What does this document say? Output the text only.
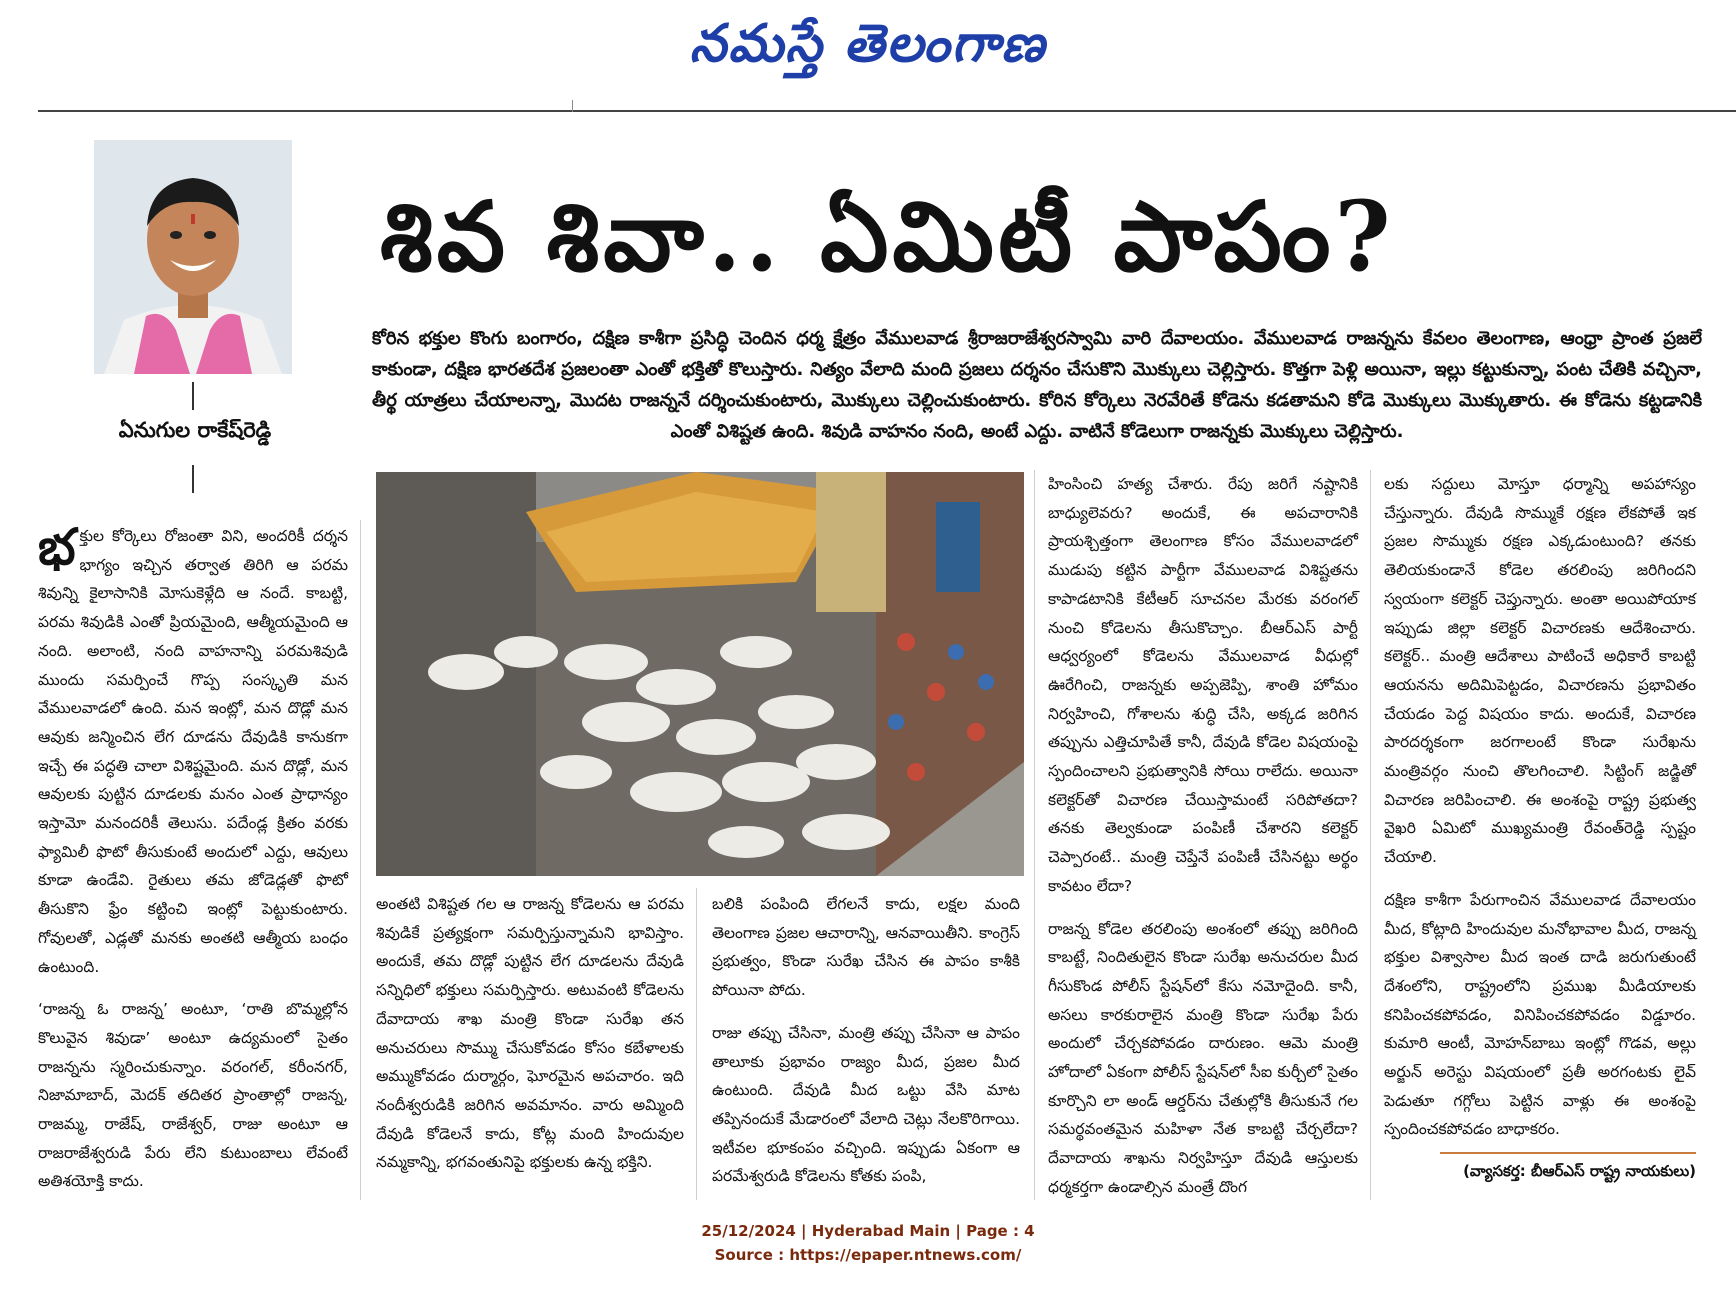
నమస్తే తెలంగాణ
ఏనుగుల రాకేష్‌రెడ్డి
శివ శివా.. ఏమిటీ పాపం?
కోరిన భక్తుల కొంగు బంగారం, దక్షిణ కాశీగా ప్రసిద్ధి చెందిన ధర్మ క్షేత్రం వేములవాడ శ్రీరాజరాజేశ్వరస్వామి వారి దేవాలయం. వేములవాడ రాజన్నను కేవలం తెలంగాణ, ఆంధ్రా ప్రాంత ప్రజలే కాకుండా, దక్షిణ భారతదేశ ప్రజలంతా ఎంతో భక్తితో కొలుస్తారు. నిత్యం వేలాది మంది ప్రజలు దర్శనం చేసుకొని మొక్కులు చెల్లిస్తారు. కొత్తగా పెళ్లి అయినా, ఇల్లు కట్టుకున్నా, పంట చేతికి వచ్చినా, తీర్థ యాత్రలు చేయాలన్నా, మొదట రాజన్ననే దర్శించుకుంటారు, మొక్కులు చెల్లించుకుంటారు. కోరిన కోర్కెలు నెరవేరితే కోడెను కడతామని కోడె మొక్కులు మొక్కుతారు. ఈ కోడెను కట్టడానికి ఎంతో విశిష్టత ఉంది. శివుడి వాహనం నంది, అంటే ఎద్దు. వాటినే కోడెలుగా రాజన్నకు మొక్కులు చెల్లిస్తారు.

భక్తుల కోర్కెలు రోజంతా విని, అందరికీ దర్శన భాగ్యం ఇచ్చిన తర్వాత తిరిగి ఆ పరమ శివున్ని కైలాసానికి మోసుకెళ్లేది ఆ నందే. కాబట్టి, పరమ శివుడికి ఎంతో ప్రియమైంది, ఆత్మీయమైంది ఆ నంది. అలాంటి, నంది వాహనాన్ని పరమశివుడి ముందు సమర్పించే గొప్ప సంస్కృతి మన వేములవాడలో ఉంది. మన ఇంట్లో, మన దొడ్లో మన ఆవుకు జన్మించిన లేగ దూడను దేవుడికి కానుకగా ఇచ్చే ఈ పద్ధతి చాలా విశిష్టమైంది. మన దొడ్లో, మన ఆవులకు పుట్టిన దూడలకు మనం ఎంత ప్రాధాన్యం ఇస్తామో మనందరికీ తెలుసు. పదేండ్ల క్రితం వరకు ఫ్యామిలీ ఫొటో తీసుకుంటే అందులో ఎద్దు, ఆవులు కూడా ఉండేవి. రైతులు తమ జోడెడ్లతో ఫొటో తీసుకొని ఫ్రేం కట్టించి ఇంట్లో పెట్టుకుంటారు. గోవులతో, ఎడ్లతో మనకు అంతటి ఆత్మీయ బంధం ఉంటుంది.

‘రాజన్న ఓ రాజన్న’ అంటూ, ‘రాతి బొమ్మల్లోన కొలువైన శివుడా’ అంటూ ఉద్యమంలో సైతం రాజన్నను స్మరించుకున్నాం. వరంగల్, కరీంనగర్, నిజామాబాద్, మెదక్ తదితర ప్రాంతాల్లో రాజన్న, రాజమ్మ, రాజేష్, రాజేశ్వర్, రాజు అంటూ ఆ రాజరాజేశ్వరుడి పేరు లేని కుటుంబాలు లేవంటే అతిశయోక్తి కాదు.

అంతటి విశిష్టత గల ఆ రాజన్న కోడెలను ఆ పరమ శివుడికే ప్రత్యక్షంగా సమర్పిస్తున్నామని భావిస్తాం. అందుకే, తమ దొడ్లో పుట్టిన లేగ దూడలను దేవుడి సన్నిధిలో భక్తులు సమర్పిస్తారు. అటువంటి కోడెలను దేవాదాయ శాఖ మంత్రి కొండా సురేఖ తన అనుచరులు సొమ్ము చేసుకోవడం కోసం కబేళాలకు అమ్ముకోవడం దుర్మార్గం, ఘోరమైన అపచారం. ఇది నందీశ్వరుడికి జరిగిన అవమానం. వారు అమ్మింది దేవుడి కోడెలనే కాదు, కోట్ల మంది హిందువుల నమ్మకాన్ని, భగవంతునిపై భక్తులకు ఉన్న భక్తిని.

బలికి పంపింది లేగలనే కాదు, లక్షల మంది తెలంగాణ ప్రజల ఆచారాన్ని, ఆనవాయితీని. కాంగ్రెస్ ప్రభుత్వం, కొండా సురేఖ చేసిన ఈ పాపం కాశీకి పోయినా పోదు.

రాజు తప్పు చేసినా, మంత్రి తప్పు చేసినా ఆ పాపం తాలూకు ప్రభావం రాజ్యం మీద, ప్రజల మీద ఉంటుంది. దేవుడి మీద ఒట్టు వేసి మాట తప్పినందుకే మేడారంలో వేలాది చెట్లు నేలకొరిగాయి. ఇటీవల భూకంపం వచ్చింది. ఇప్పుడు ఏకంగా ఆ పరమేశ్వరుడి కోడెలను కోతకు పంపి,

హింసించి హత్య చేశారు. రేపు జరిగే నష్టానికి బాధ్యులెవరు? అందుకే, ఈ అపచారానికి ప్రాయశ్చిత్తంగా తెలంగాణ కోసం వేములవాడలో ముడుపు కట్టిన పార్టీగా వేములవాడ విశిష్టతను కాపాడటానికి కేటీఆర్ సూచనల మేరకు వరంగల్ నుంచి కోడెలను తీసుకొచ్చాం. బీఆర్ఎస్ పార్టీ ఆధ్వర్యంలో కోడెలను వేములవాడ వీధుల్లో ఊరేగించి, రాజన్నకు అప్పజెప్పి, శాంతి హోమం నిర్వహించి, గోశాలను శుద్ధి చేసి, అక్కడ జరిగిన తప్పును ఎత్తిచూపితే కానీ, దేవుడి కోడెల విషయంపై స్పందించాలని ప్రభుత్వానికి సోయి రాలేదు. అయినా కలెక్టర్‌తో విచారణ చేయిస్తామంటే సరిపోతదా? తనకు తెల్వకుండా పంపిణీ చేశారని కలెక్టర్ చెప్పారంటే.. మంత్రి చెప్తేనే పంపిణీ చేసినట్టు అర్థం కావటం లేదా?

రాజన్న కోడెల తరలింపు అంశంలో తప్పు జరిగింది కాబట్టే, నిందితులైన కొండా సురేఖ అనుచరుల మీద గీసుకొండ పోలీస్ స్టేషన్‌లో కేసు నమోదైంది. కానీ, అసలు కారకురాలైన మంత్రి కొండా సురేఖ పేరు అందులో చేర్చకపోవడం దారుణం. ఆమె మంత్రి హోదాలో ఏకంగా పోలీస్ స్టేషన్‌లో సీఐ కుర్చీలో సైతం కూర్చొని లా అండ్ ఆర్డర్‌ను చేతుల్లోకి తీసుకునే గల సమర్థవంతమైన మహిళా నేత కాబట్టి చేర్చలేదా? దేవాదాయ శాఖను నిర్వహిస్తూ దేవుడి ఆస్తులకు ధర్మకర్తగా ఉండాల్సిన మంత్రే దొంగ

లకు సద్దులు మోస్తూ ధర్మాన్ని అపహాస్యం చేస్తున్నారు. దేవుడి సొమ్ముకే రక్షణ లేకపోతే ఇక ప్రజల సొమ్ముకు రక్షణ ఎక్కడుంటుంది? తనకు తెలియకుండానే కోడెల తరలింపు జరిగిందని స్వయంగా కలెక్టర్ చెప్తున్నారు. అంతా అయిపోయాక ఇప్పుడు జిల్లా కలెక్టర్ విచారణకు ఆదేశించారు. కలెక్టర్.. మంత్రి ఆదేశాలు పాటించే అధికారే కాబట్టి ఆయనను అదిమిపెట్టడం, విచారణను ప్రభావితం చేయడం పెద్ద విషయం కాదు. అందుకే, విచారణ పారదర్శకంగా జరగాలంటే కొండా సురేఖను మంత్రివర్గం నుంచి తొలగించాలి. సిట్టింగ్ జడ్జితో విచారణ జరిపించాలి. ఈ అంశంపై రాష్ట్ర ప్రభుత్వ వైఖరి ఏమిటో ముఖ్యమంత్రి రేవంత్‌రెడ్డి స్పష్టం చేయాలి.

దక్షిణ కాశీగా పేరుగాంచిన వేములవాడ దేవాలయం మీద, కోట్లాది హిందువుల మనోభావాల మీద, రాజన్న భక్తుల విశ్వాసాల మీద ఇంత దాడి జరుగుతుంటే దేశంలోని, రాష్ట్రంలోని ప్రముఖ మీడియాలకు కనిపించకపోవడం, వినిపించకపోవడం విడ్డూరం. కుమారి ఆంటీ, మోహన్‌బాబు ఇంట్లో గొడవ, అల్లు అర్జున్ అరెస్టు విషయంలో ప్రతీ అరగంటకు లైవ్ పెడుతూ గగ్గోలు పెట్టిన వాళ్లు ఈ అంశంపై స్పందించకపోవడం బాధాకరం.

(వ్యాసకర్త: బీఆర్ఎస్ రాష్ట్ర నాయకులు)
25/12/2024 | Hyderabad Main | Page : 4
Source : https://epaper.ntnews.com/
